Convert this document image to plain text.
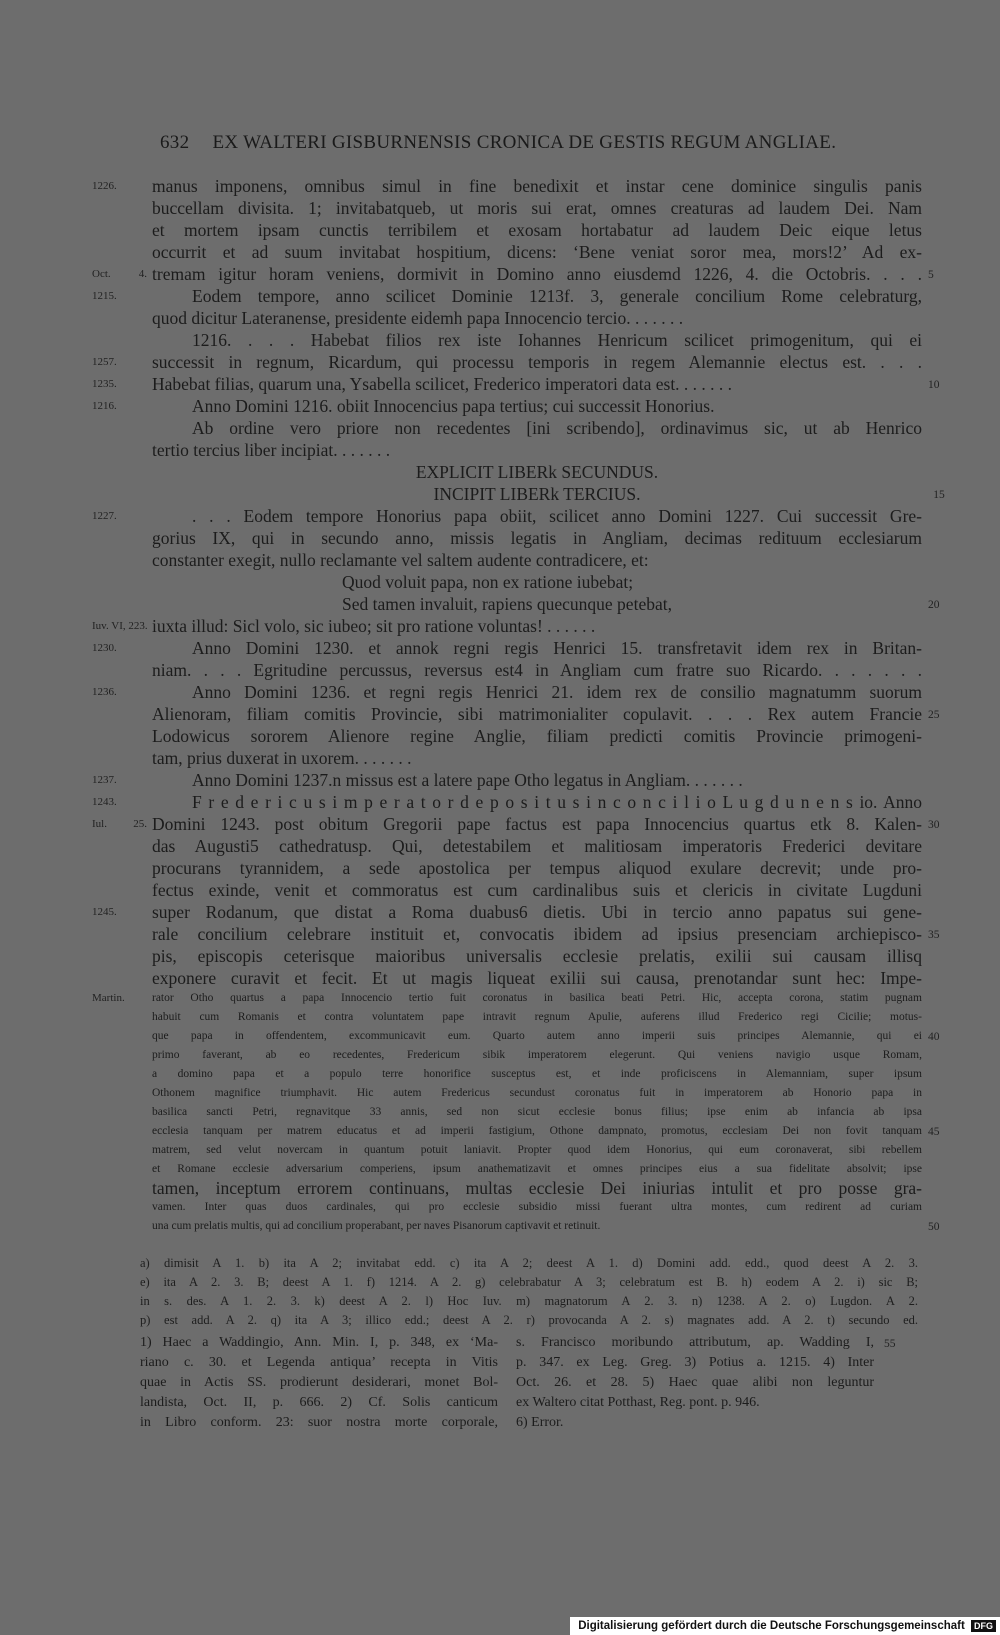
632 EX WALTERI GISBURNENSIS CRONICA DE GESTIS REGUM ANGLIAE.
manus imponens, omnibus simul in fine benedixit et instar cene dominice singulis panis
1226.
buccellam divisita. 1; invitabatqueb, ut moris sui erat, omnes creaturas ad laudem Dei. Nam
et mortem ipsam cunctis terribilem et exosam hortabatur ad laudem Deic eique letus
occurrit et ad suum invitabat hospitium, dicens: ‘Bene veniat soror mea, mors!2’ Ad ex-
tremam igitur horam veniens, dormivit in Domino anno eiusdemd 1226, 4. die Octobris. . . .
Oct. 4.	5
Eodem tempore, anno scilicet Dominie 1213f. 3, generale concilium Rome celebraturg,
1215.
quod dicitur Lateranense, presidente eidemh papa Innocencio tercio. . . . . . .
1216. . . . Habebat filios rex iste Iohannes Henricum scilicet primogenitum, qui ei
successit in regnum, Ricardum, qui processu temporis in regem Alemannie electus est. . . .
1257.
Habebat filias, quarum una, Ysabella scilicet, Frederico imperatori data est. . . . . . .
1235.	10
Anno Domini 1216. obiit Innocencius papa tertius; cui successit Honorius.
1216.
Ab ordine vero priore non recedentes [ini scribendo], ordinavimus sic, ut ab Henrico
tertio tercius liber incipiat. . . . . . .
EXPLICIT LIBERk SECUNDUS.
INCIPIT LIBERk TERCIUS.	15
. . . Eodem tempore Honorius papa obiit, scilicet anno Domini 1227. Cui successit Gre-
1227.
gorius IX, qui in secundo anno, missis legatis in Angliam, decimas redituum ecclesiarum
constanter exegit, nullo reclamante vel saltem audente contradicere, et:
Quod voluit papa, non ex ratione iubebat;
Sed tamen invaluit, rapiens quecunque petebat,	20
iuxta illud: Sicl volo, sic iubeo; sit pro ratione voluntas! . . . . . .
Iuv. VI, 223.
Anno Domini 1230. et annok regni regis Henrici 15. transfretavit idem rex in Britan-
1230.
niam. . . . Egritudine percussus, reversus est4 in Angliam cum fratre suo Ricardo. . . . . . .
Anno Domini 1236. et regni regis Henrici 21. idem rex de consilio magnatumm suorum
1236.
Alienoram, filiam comitis Provincie, sibi matrimonialiter copulavit. . . . Rex autem Francie 25
Lodowicus sororem Alienore regine Anglie, filiam predicti comitis Provincie primogeni-
tam, prius duxerat in uxorem. . . . . . .
Anno Domini 1237.n missus est a latere pape Otho legatus in Angliam. . . . . . .
1237.
F r e d e r i c u s i m p e r a t o r d e p o s i t u s i n c o n c i l i o L u g d u n e n s io. Anno
1243.
Domini 1243. post obitum Gregorii pape factus est papa Innocencius quartus etk 8. Kalen-
Iul. 25.	30
das Augusti5 cathedratusp. Qui, detestabilem et malitiosam imperatoris Frederici devitare
procurans tyrannidem, a sede apostolica per tempus aliquod exulare decrevit; unde pro-
fectus exinde, venit et commoratus est cum cardinalibus suis et clericis in civitate Lugduni
super Rodanum, que distat a Roma duabus6 dietis. Ubi in tercio anno papatus sui gene-
1245.
rale concilium celebrare instituit et, convocatis ibidem ad ipsius presenciam archiepisco- 35
pis, episcopis ceterisque maioribus universalis ecclesie prelatis, exilii sui causam illisq
exponere curavit et fecit. Et ut magis liqueat exilii sui causa, prenotandar sunt hec: Impe-
rator Otho quartus a papa Innocencio tertio fuit coronatus in basilica beati Petri. Hic, accepta corona, statim pugnam
Martin.
habuit cum Romanis et contra voluntatem pape intravit regnum Apulie, auferens illud Frederico regi Cicilie; motus-
que papa in offendentem, excommunicavit eum. Quarto autem anno imperii suis principes Alemannie, qui ei 40
primo faverant, ab eo recedentes, Fredericum sibik imperatorem elegerunt. Qui veniens navigio usque Romam,
a domino papa et a populo terre honorifice susceptus est, et inde proficiscens in Alemanniam, super ipsum
Othonem magnifice triumphavit. Hic autem Fredericus secundust coronatus fuit in imperatorem ab Honorio papa in
basilica sancti Petri, regnavitque 33 annis, sed non sicut ecclesie bonus filius; ipse enim ab infancia ab ipsa
ecclesia tanquam per matrem educatus et ad imperii fastigium, Othone dampnato, promotus, ecclesiam Dei non fovit tanquam 45
matrem, sed velut novercam in quantum potuit laniavit. Propter quod idem Honorius, qui eum coronaverat, sibi rebellem
et Romane ecclesie adversarium comperiens, ipsum anathematizavit et omnes principes eius a sua fidelitate absolvit; ipse
tamen, inceptum errorem continuans, multas ecclesie Dei iniurias intulit et pro posse gra-
vamen. Inter quas duos cardinales, qui pro ecclesie subsidio missi fuerant ultra montes, cum redirent ad curiam
una cum prelatis multis, qui ad concilium properabant, per naves Pisanorum captivavit et retinuit.	50
a) dimisit A 1. b) ita A 2; invitabat edd. c) ita A 2; deest A 1. d) Domini add. edd., quod deest A 2. 3.
e) ita A 2. 3. B; deest A 1. f) 1214. A 2. g) celebrabatur A 3; celebratum est B. h) eodem A 2. i) sic B;
in s. des. A 1. 2. 3. k) deest A 2. l) Hoc Iuv. m) magnatorum A 2. 3. n) 1238. A 2. o) Lugdon. A 2.
p) est add. A 2. q) ita A 3; illico edd.; deest A 2. r) provocanda A 2. s) magnates add. A 2. t) secundo ed.
1) Haec a Waddingio, Ann. Min. I, p. 348, ex ‘Ma-
riano c. 30. et Legenda antiqua’ recepta in Vitis
quae in Actis SS. prodierunt desiderari, monet Bol-
landista, Oct. II, p. 666. 2) Cf. Solis canticum
in Libro conform. 23: suor nostra morte corporale,
s. Francisco moribundo attributum, ap. Wadding I, 55
p. 347. ex Leg. Greg. 3) Potius a. 1215. 4) Inter
Oct. 26. et 28. 5) Haec quae alibi non leguntur
ex Waltero citat Potthast, Reg. pont. p. 946.
6) Error.
Digitalisierung gefördert durch die Deutsche Forschungsgemeinschaft DFG
